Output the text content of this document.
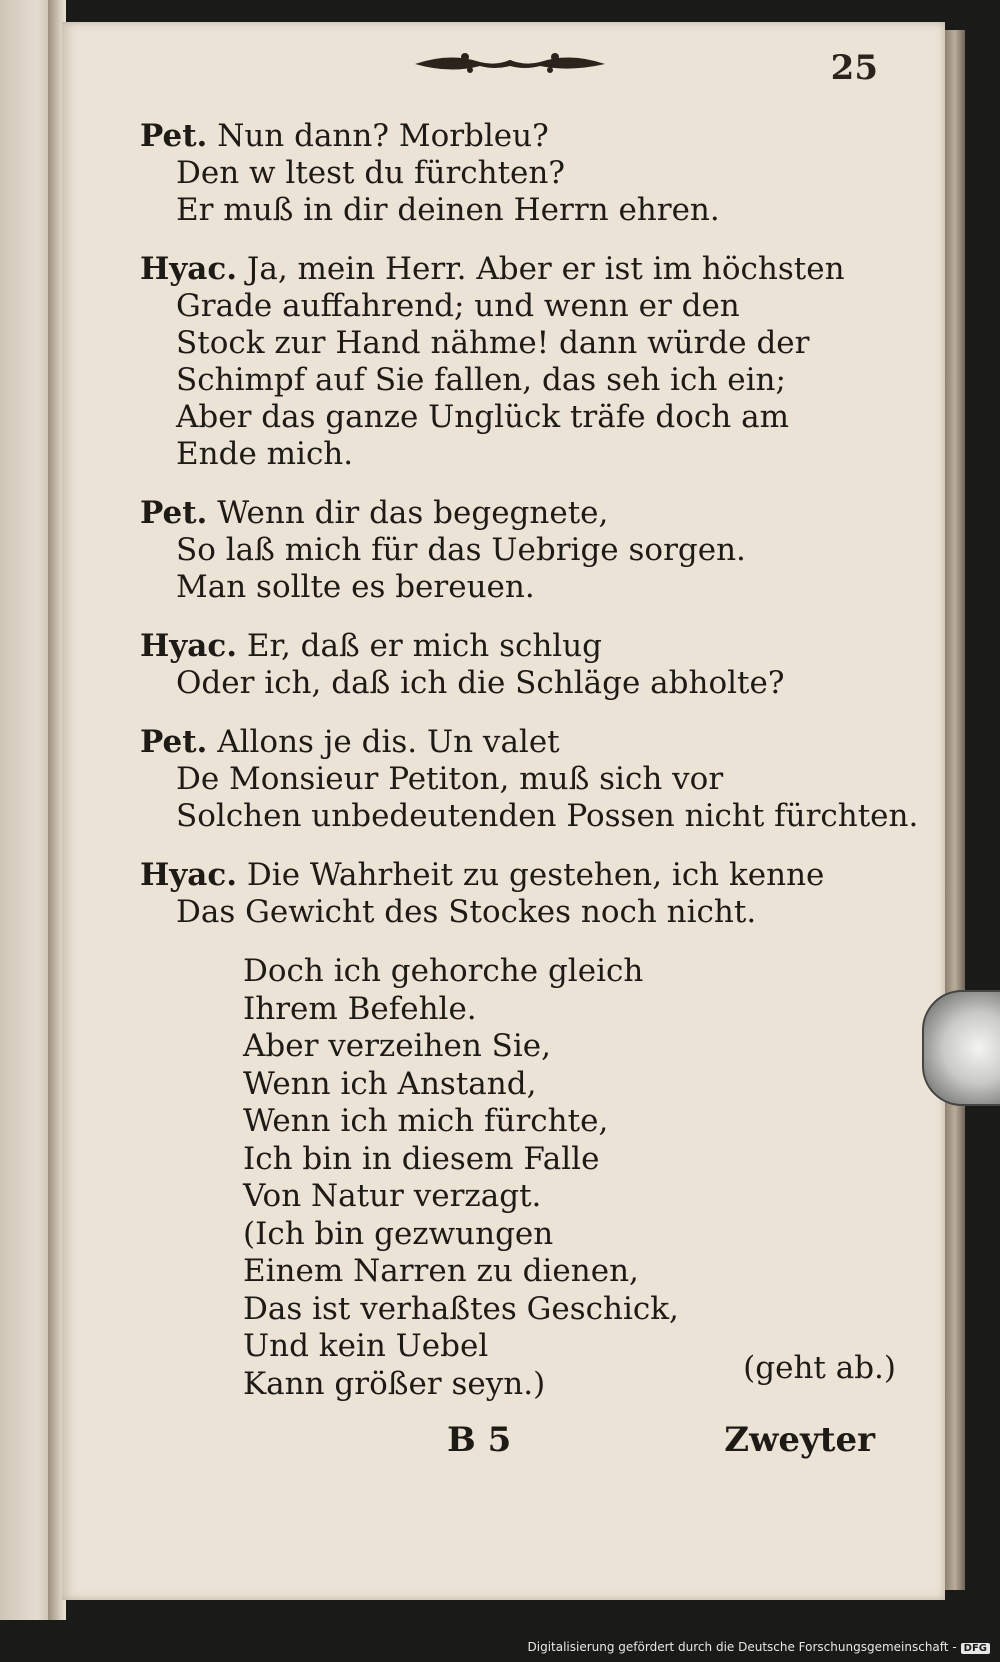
25
Pet. Nun dann? Morbleu?
Den w ltest du fürchten?
Er muß in dir deinen Herrn ehren.
Hyac. Ja, mein Herr. Aber er ist im höchsten
Grade auffahrend; und wenn er den
Stock zur Hand nähme! dann würde der
Schimpf auf Sie fallen, das seh ich ein;
Aber das ganze Unglück träfe doch am
Ende mich.
Pet. Wenn dir das begegnete,
So laß mich für das Uebrige sorgen.
Man sollte es bereuen.
Hyac. Er, daß er mich schlug
Oder ich, daß ich die Schläge abholte?
Pet. Allons je dis. Un valet
De Monsieur Petiton, muß sich vor
Solchen unbedeutenden Possen nicht fürchten.
Hyac. Die Wahrheit zu gestehen, ich kenne
Das Gewicht des Stockes noch nicht.
Doch ich gehorche gleich
Ihrem Befehle.
Aber verzeihen Sie,
Wenn ich Anstand,
Wenn ich mich fürchte,
Ich bin in diesem Falle
Von Natur verzagt.
(Ich bin gezwungen
Einem Narren zu dienen,
Das ist verhaßtes Geschick,
Und kein Uebel
Kann größer seyn.)	(geht ab.)
B 5	Zweyter
Digitalisierung gefördert durch die Deutsche Forschungsgemeinschaft - DFG
